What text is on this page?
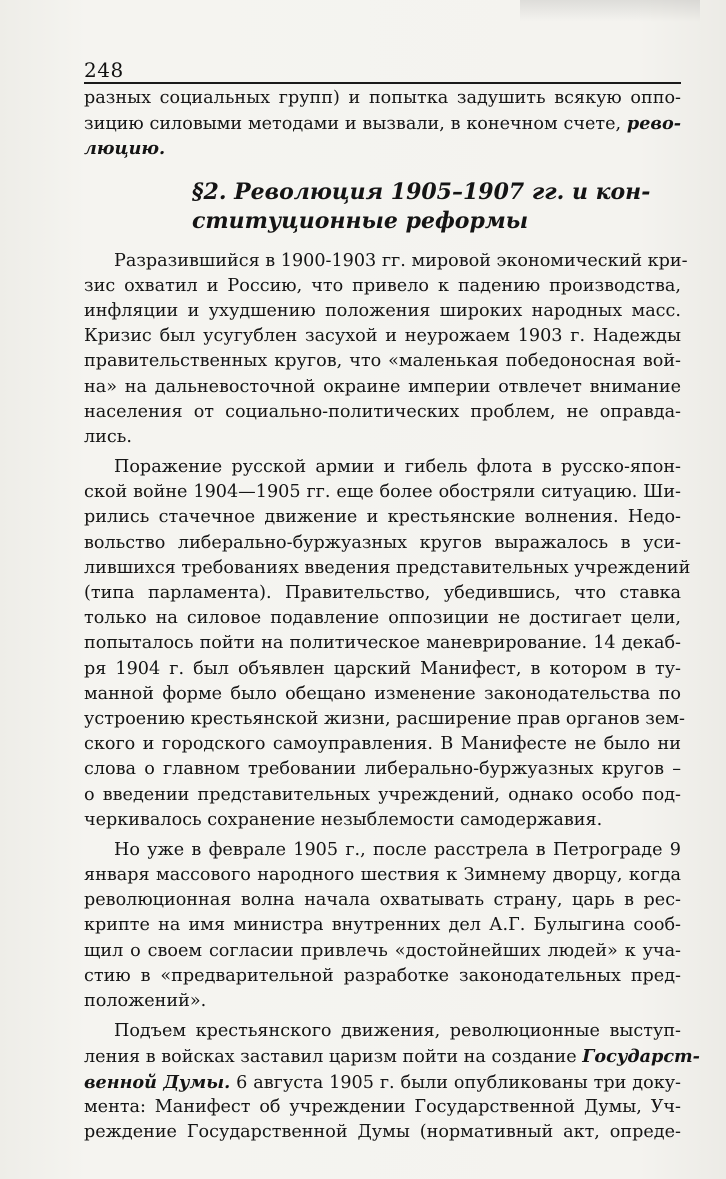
248
разных социальных групп) и попытка задушить всякую оппо-
зицию силовыми методами и вызвали, в конечном счете, рево-
люцию.
§2. Революция 1905–1907 гг. и кон-
ституционные реформы
Разразившийся в 1900-1903 гг. мировой экономический кри-
зис охватил и Россию, что привело к падению производства,
инфляции и ухудшению положения широких народных масс.
Кризис был усугублен засухой и неурожаем 1903 г. Надежды
правительственных кругов, что «маленькая победоносная вой-
на» на дальневосточной окраине империи отвлечет внимание
населения от социально-политических проблем, не оправда-
лись.
Поражение русской армии и гибель флота в русско-япон-
ской войне 1904—1905 гг. еще более обостряли ситуацию. Ши-
рились стачечное движение и крестьянские волнения. Недо-
вольство либерально-буржуазных кругов выражалось в уси-
лившихся требованиях введения представительных учреждений
(типа парламента). Правительство, убедившись, что ставка
только на силовое подавление оппозиции не достигает цели,
попыталось пойти на политическое маневрирование. 14 декаб-
ря 1904 г. был объявлен царский Манифест, в котором в ту-
манной форме было обещано изменение законодательства по
устроению крестьянской жизни, расширение прав органов зем-
ского и городского самоуправления. В Манифесте не было ни
слова о главном требовании либерально-буржуазных кругов –
о введении представительных учреждений, однако особо под-
черкивалось сохранение незыблемости самодержавия.
Но уже в феврале 1905 г., после расстрела в Петрограде 9
января массового народного шествия к Зимнему дворцу, когда
революционная волна начала охватывать страну, царь в рес-
крипте на имя министра внутренних дел А.Г. Булыгина сооб-
щил о своем согласии привлечь «достойнейших людей» к уча-
стию в «предварительной разработке законодательных пред-
положений».
Подъем крестьянского движения, революционные выступ-
ления в войсках заставил царизм пойти на создание Государст-
венной Думы. 6 августа 1905 г. были опубликованы три доку-
мента: Манифест об учреждении Государственной Думы, Уч-
реждение Государственной Думы (нормативный акт, опреде-
